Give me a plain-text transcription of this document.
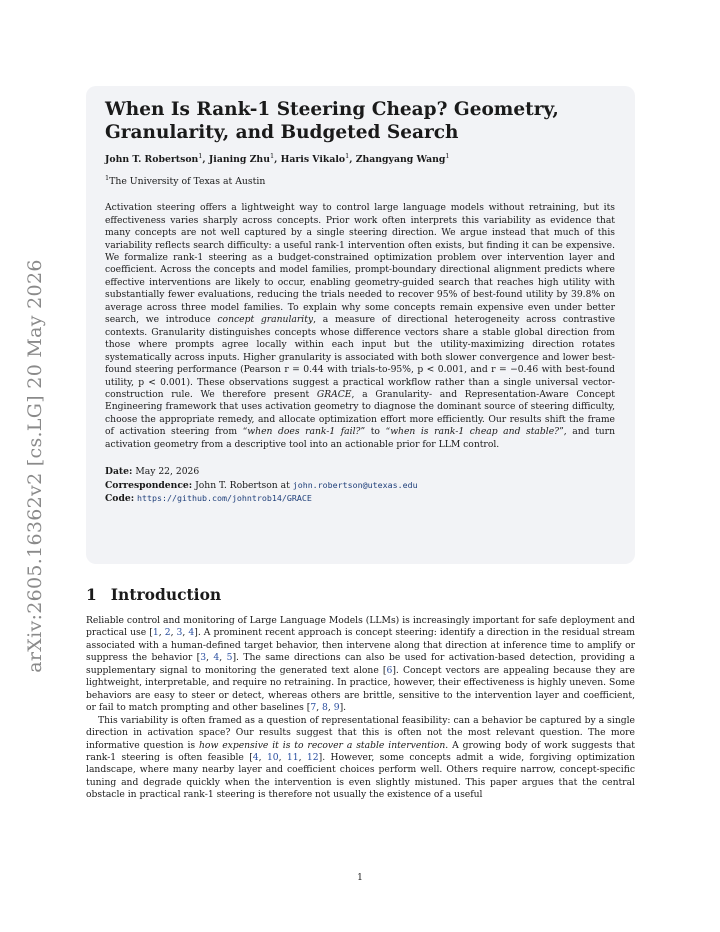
arXiv:2605.16362v2 [cs.LG] 20 May 2026
When Is Rank-1 Steering Cheap? Geometry, Granularity, and Budgeted Search
John T. Robertson$^1$, Jianing Zhu$^1$, Haris Vikalo$^1$, Zhangyang Wang$^1$
$^1$The University of Texas at Austin

Activation steering offers a lightweight way to control large language models without retraining, but its effectiveness varies sharply across concepts. Prior work often interprets this variability as evidence that many concepts are not well captured by a single steering direction. We argue instead that much of this variability reflects search difficulty: a useful rank-1 intervention often exists, but finding it can be expensive. We formalize rank-1 steering as a budget-constrained optimization problem over intervention layer and coefficient. Across the concepts and model families, prompt-boundary directional alignment predicts where effective interventions are likely to occur, enabling geometry-guided search that reaches high utility with substantially fewer evaluations, reducing the trials needed to recover 95% of best-found utility by 39.8% on average across three model families. To explain why some concepts remain expensive even under better search, we introduce concept granularity, a measure of directional heterogeneity across contrastive contexts. Granularity distinguishes concepts whose difference vectors share a stable global direction from those where prompts agree locally within each input but the utility-maximizing direction rotates systematically across inputs. Higher granularity is associated with both slower convergence and lower best-found steering performance (Pearson r = 0.44 with trials-to-95%, p < 0.001, and r = −0.46 with best-found utility, p < 0.001). These observations suggest a practical workflow rather than a single universal vector-construction rule. We therefore present GRACE, a Granularity- and Representation-Aware Concept Engineering framework that uses activation geometry to diagnose the dominant source of steering difficulty, choose the appropriate remedy, and allocate optimization effort more efficiently. Our results shift the frame of activation steering from “when does rank-1 fail?” to “when is rank-1 cheap and stable?”, and turn activation geometry from a descriptive tool into an actionable prior for LLM control.

Date: May 22, 2026
Correspondence: John T. Robertson at john.robertson@utexas.edu
Code: https://github.com/johntrob14/GRACE
1 Introduction

Reliable control and monitoring of Large Language Models (LLMs) is increasingly important for safe deployment and practical use [1, 2, 3, 4]. A prominent recent approach is concept steering: identify a direction in the residual stream associated with a human-defined target behavior, then intervene along that direction at inference time to amplify or suppress the behavior [3, 4, 5]. The same directions can also be used for activation-based detection, providing a supplementary signal to monitoring the generated text alone [6]. Concept vectors are appealing because they are lightweight, interpretable, and require no retraining. In practice, however, their effectiveness is highly uneven. Some behaviors are easy to steer or detect, whereas others are brittle, sensitive to the intervention layer and coefficient, or fail to match prompting and other baselines [7, 8, 9].

This variability is often framed as a question of representational feasibility: can a behavior be captured by a single direction in activation space? Our results suggest that this is often not the most relevant question. The more informative question is how expensive it is to recover a stable intervention. A growing body of work suggests that rank-1 steering is often feasible [4, 10, 11, 12]. However, some concepts admit a wide, forgiving optimization landscape, where many nearby layer and coefficient choices perform well. Others require narrow, concept-specific tuning and degrade quickly when the intervention is even slightly mistuned. This paper argues that the central obstacle in practical rank-1 steering is therefore not usually the existence of a useful

1
